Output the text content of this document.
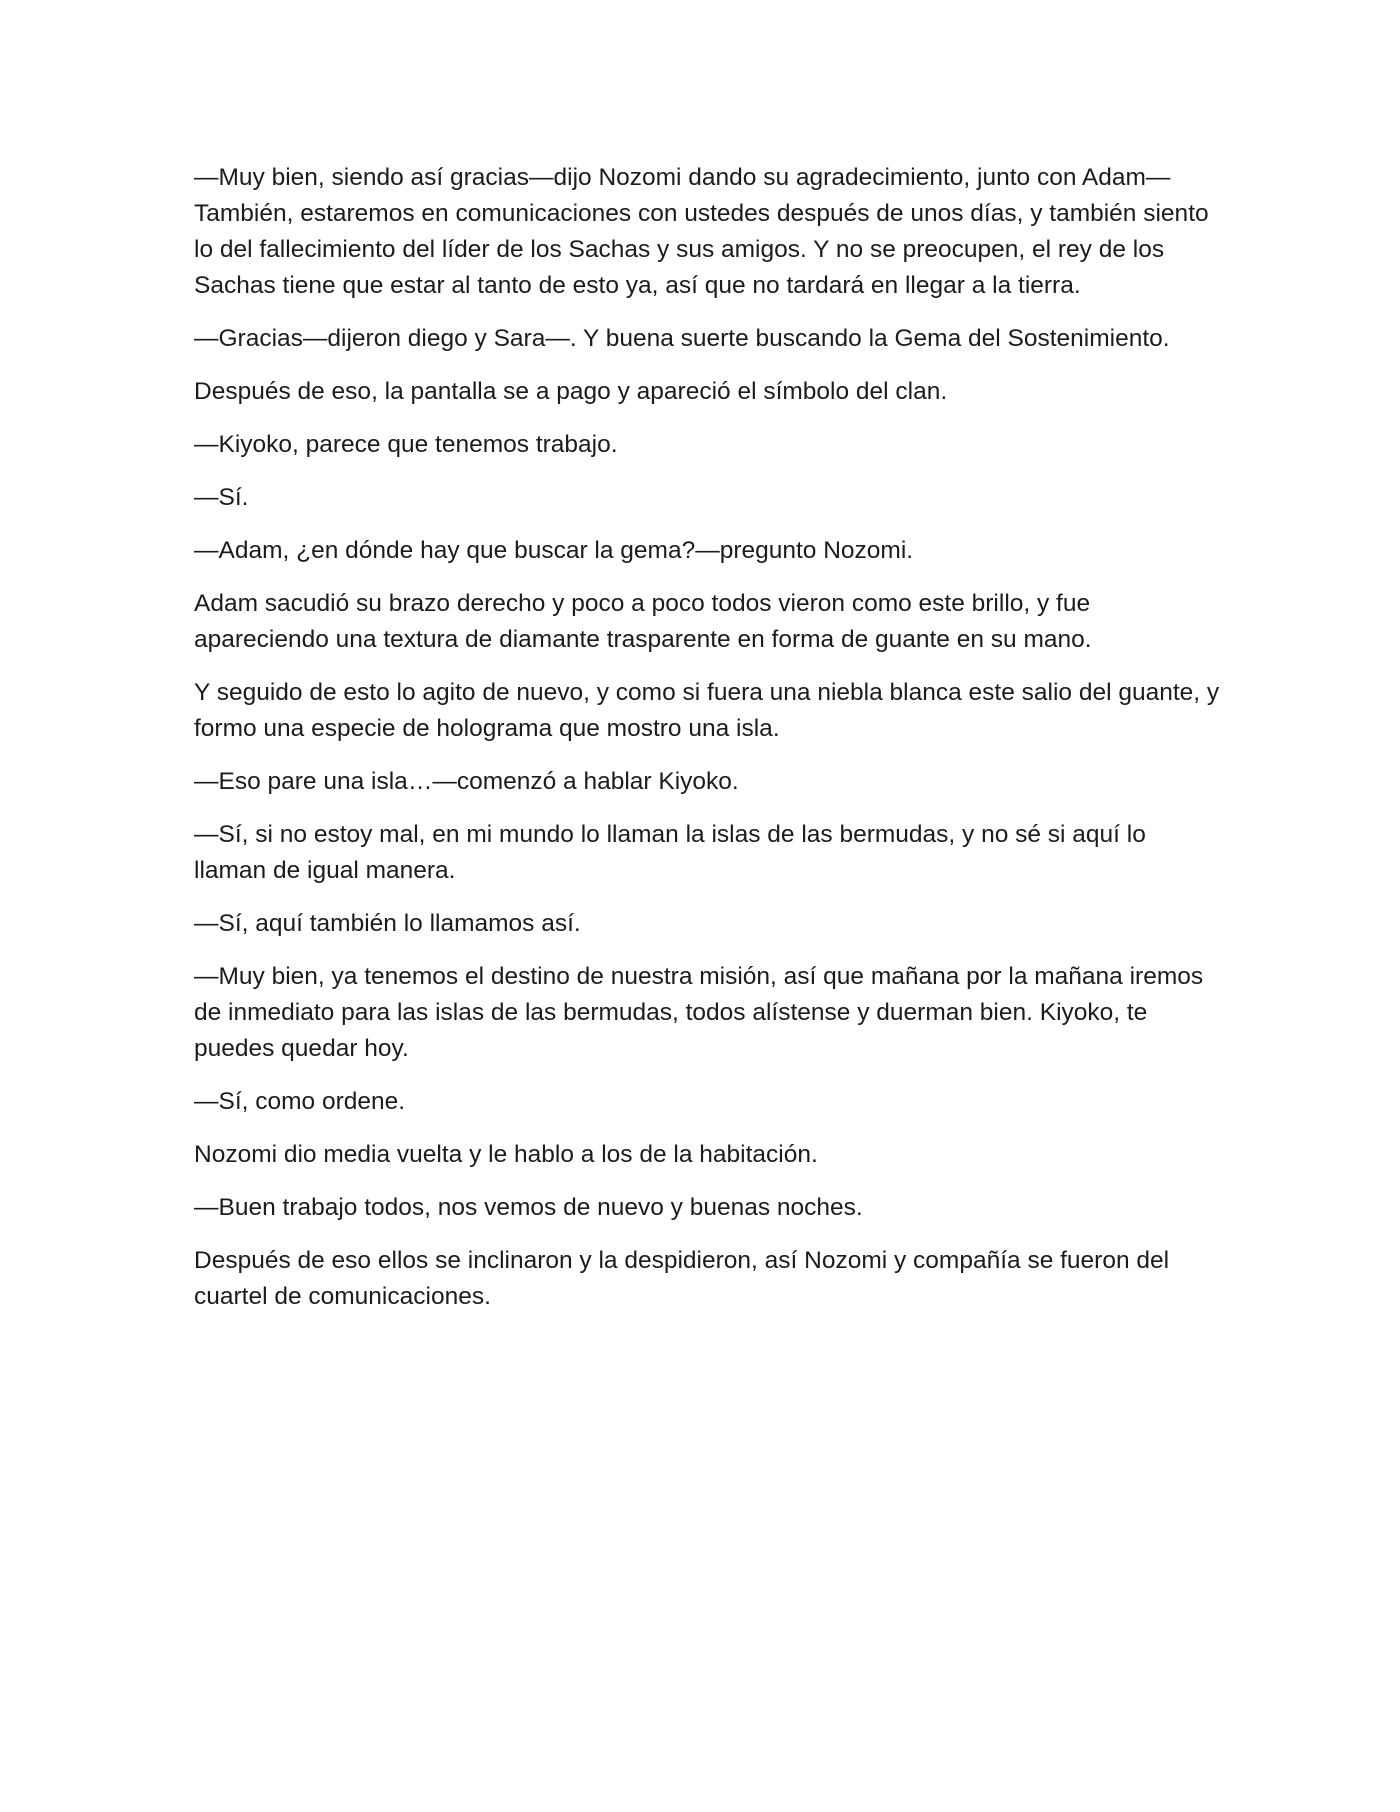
—Muy bien, siendo así gracias—dijo Nozomi dando su agradecimiento, junto con Adam—También, estaremos en comunicaciones con ustedes después de unos días, y también siento lo del fallecimiento del líder de los Sachas y sus amigos. Y no se preocupen, el rey de los Sachas tiene que estar al tanto de esto ya, así que no tardará en llegar a la tierra.

—Gracias—dijeron diego y Sara—. Y buena suerte buscando la Gema del Sostenimiento.

Después de eso, la pantalla se a pago y apareció el símbolo del clan.

—Kiyoko, parece que tenemos trabajo.

—Sí.

—Adam, ¿en dónde hay que buscar la gema?—pregunto Nozomi.

Adam sacudió su brazo derecho y poco a poco todos vieron como este brillo, y fue apareciendo una textura de diamante trasparente en forma de guante en su mano.

Y seguido de esto lo agito de nuevo, y como si fuera una niebla blanca este salio del guante, y formo una especie de holograma que mostro una isla.

—Eso pare una isla…—comenzó a hablar Kiyoko.

—Sí, si no estoy mal, en mi mundo lo llaman la islas de las bermudas, y no sé si aquí lo llaman de igual manera.

—Sí, aquí también lo llamamos así.

—Muy bien, ya tenemos el destino de nuestra misión, así que mañana por la mañana iremos de inmediato para las islas de las bermudas, todos alístense y duerman bien. Kiyoko, te puedes quedar hoy.

—Sí, como ordene.

Nozomi dio media vuelta y le hablo a los de la habitación.

—Buen trabajo todos, nos vemos de nuevo y buenas noches.

Después de eso ellos se inclinaron y la despidieron, así Nozomi y compañía se fueron del cuartel de comunicaciones.
